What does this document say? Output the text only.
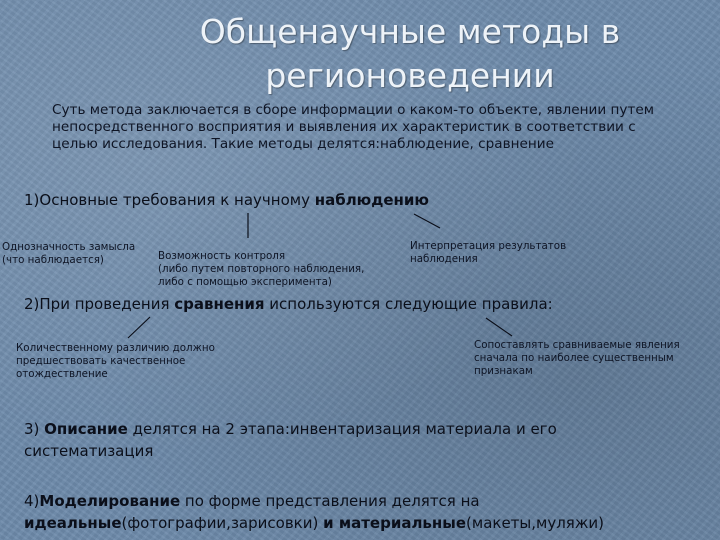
Общенаучные методы в
регионоведении
Суть метода заключается в сборе информации о каком-то объекте, явлении путем непосредственного восприятия и выявления их характеристик в соответствии с целью исследования. Такие методы делятся:наблюдение, сравнение
1)Основные требования к научному наблюдению
Однозначность замысла
(что наблюдается)	Возможность контроля
(либо путем повторного наблюдения,
либо с помощью эксперимента)
Интерпретация результатов
наблюдения
2)При проведения сравнения используются следующие правила:
Количественному различию должно
предшествовать качественное
отождествление
Сопоставлять сравниваемые явления
сначала по наиболее существенным
признакам
3) Описание делятся на 2 этапа:инвентаризация материала и его систематизация
4)Моделирование по форме представления делятся на идеальные(фотографии,зарисовки) и материальные(макеты,муляжи)
